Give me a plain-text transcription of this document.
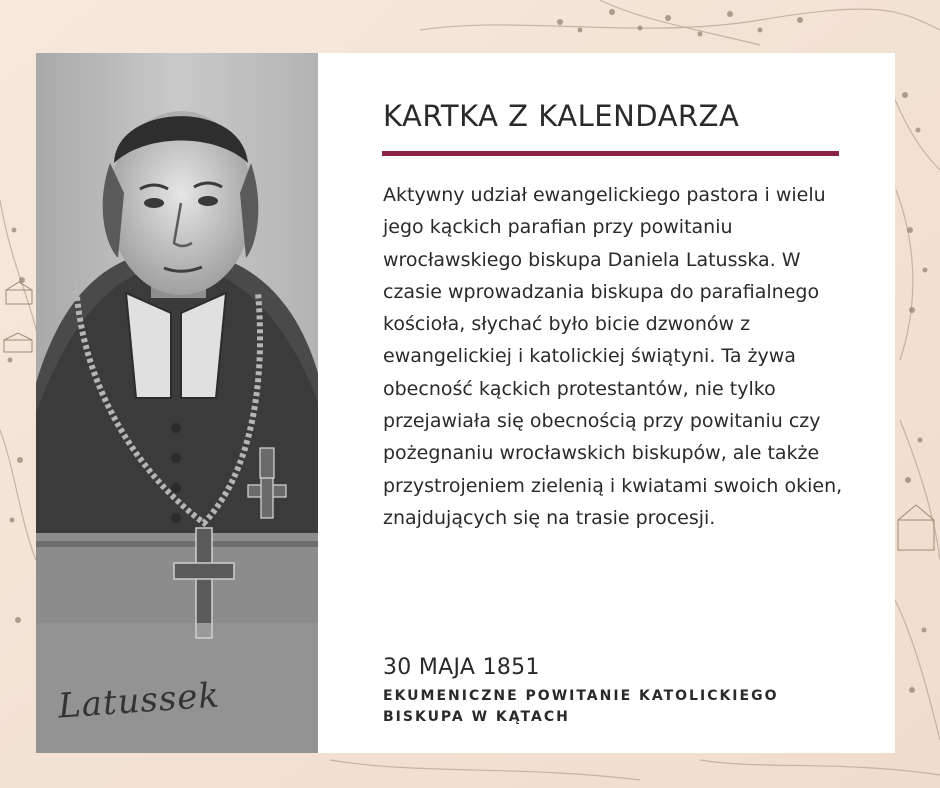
Latussek
KARTKA Z KALENDARZA

Aktywny udział ewangelickiego pastora i wielu jego kąckich parafian przy powitaniu wrocławskiego biskupa Daniela Latusska. W czasie wprowadzania biskupa do parafialnego kościoła, słychać było bicie dzwonów z ewangelickiej i katolickiej świątyni. Ta żywa obecność kąckich protestantów, nie tylko przejawiała się obecnością przy powitaniu czy pożegnaniu wrocławskich biskupów, ale także przystrojeniem zielenią i kwiatami swoich okien, znajdujących się na trasie procesji.

30 MAJA 1851

EKUMENICZNE POWITANIE KATOLICKIEGO BISKUPA W KĄTACH
